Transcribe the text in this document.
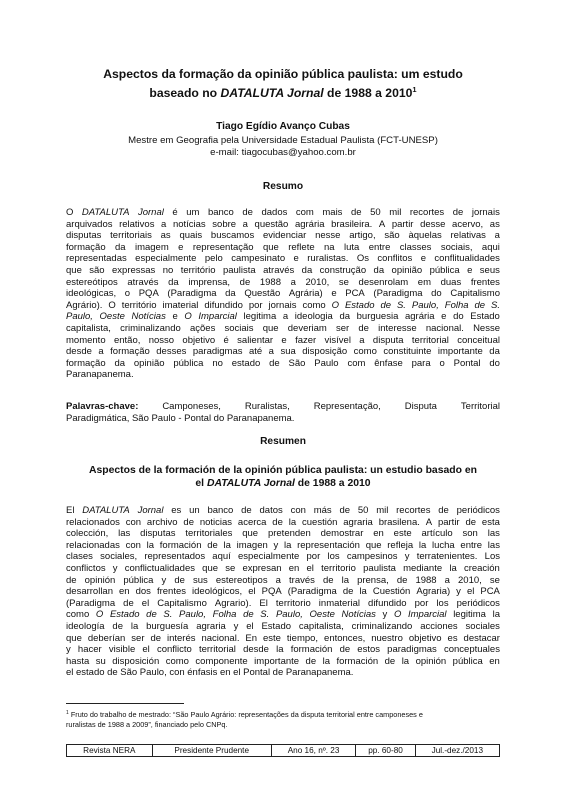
Aspectos da formação da opinião pública paulista: um estudo
baseado no DATALUTA Jornal de 1988 a 2010$^1$
Tiago Egídio Avanço Cubas
Mestre em Geografia pela Universidade Estadual Paulista (FCT-UNESP)
e-mail: tiagocubas@yahoo.com.br
Resumo
O DATALUTA Jornal é um banco de dados com mais de 50 mil recortes de jornais
arquivados relativos a notícias sobre a questão agrária brasileira. A partir desse acervo, as
disputas territoriais as quais buscamos evidenciar nesse artigo, são àquelas relativas a
formação da imagem e representação que reflete na luta entre classes sociais, aqui
representadas especialmente pelo campesinato e ruralistas. Os conflitos e conflitualidades
que são expressas no território paulista através da construção da opinião pública e seus
estereótipos através da imprensa, de 1988 a 2010, se desenrolam em duas frentes
ideológicas, o PQA (Paradigma da Questão Agrária) e PCA (Paradigma do Capitalismo
Agrário). O território imaterial difundido por jornais como O Estado de S. Paulo, Folha de S.
Paulo, Oeste Notícias e O Imparcial legitima a ideologia da burguesia agrária e do Estado
capitalista, criminalizando ações sociais que deveriam ser de interesse nacional. Nesse
momento então, nosso objetivo é salientar e fazer visível a disputa territorial conceitual
desde a formação desses paradigmas até a sua disposição como constituinte importante da
formação da opinião pública no estado de São Paulo com ênfase para o Pontal do
Paranapanema.
Palavras-chave:	Camponeses,	Ruralistas,	Representação,	Disputa	Territorial
Paradigmática, São Paulo - Pontal do Paranapanema.
Resumen
Aspectos de la formación de la opinión pública paulista: un estudio basado en
el DATALUTA Jornal de 1988 a 2010
El DATALUTA Jornal es un banco de datos con más de 50 mil recortes de periódicos
relacionados con archivo de noticias acerca de la cuestión agraria brasilena. A partir de esta
colección, las disputas territoriales que pretenden demostrar en este artículo son las
relacionadas con la formación de la imagen y la representación que refleja la lucha entre las
clases sociales, representados aquí especialmente por los campesinos y terratenientes. Los
conflictos y conflictualidades que se expresan en el territorio paulista mediante la creación
de opinión pública y de sus estereotipos a través de la prensa, de 1988 a 2010, se
desarrollan en dos frentes ideológicos, el PQA (Paradigma de la Cuestión Agraria) y el PCA
(Paradigma de el Capitalismo Agrario). El territorio inmaterial difundido por los periódicos
como O Estado de S. Paulo, Folha de S. Paulo, Oeste Notícias y O Imparcial legitima la
ideología de la burguesía agraria y el Estado capitalista, criminalizando acciones sociales
que deberían ser de interés nacional. En este tiempo, entonces, nuestro objetivo es destacar
y hacer visible el conflicto territorial desde la formación de estos paradigmas conceptuales
hasta su disposición como componente importante de la formación de la opinión pública en
el estado de São Paulo, con énfasis en el Pontal de Paranapanema.
$^1$ Fruto do trabalho de mestrado: “São Paulo Agrário: representações da disputa territorial entre camponeses e
ruralistas de 1988 a 2009”, financiado pelo CNPq.
Revista NERA	Presidente Prudente	Ano 16, nº. 23	pp. 60-80	Jul.-dez./2013
